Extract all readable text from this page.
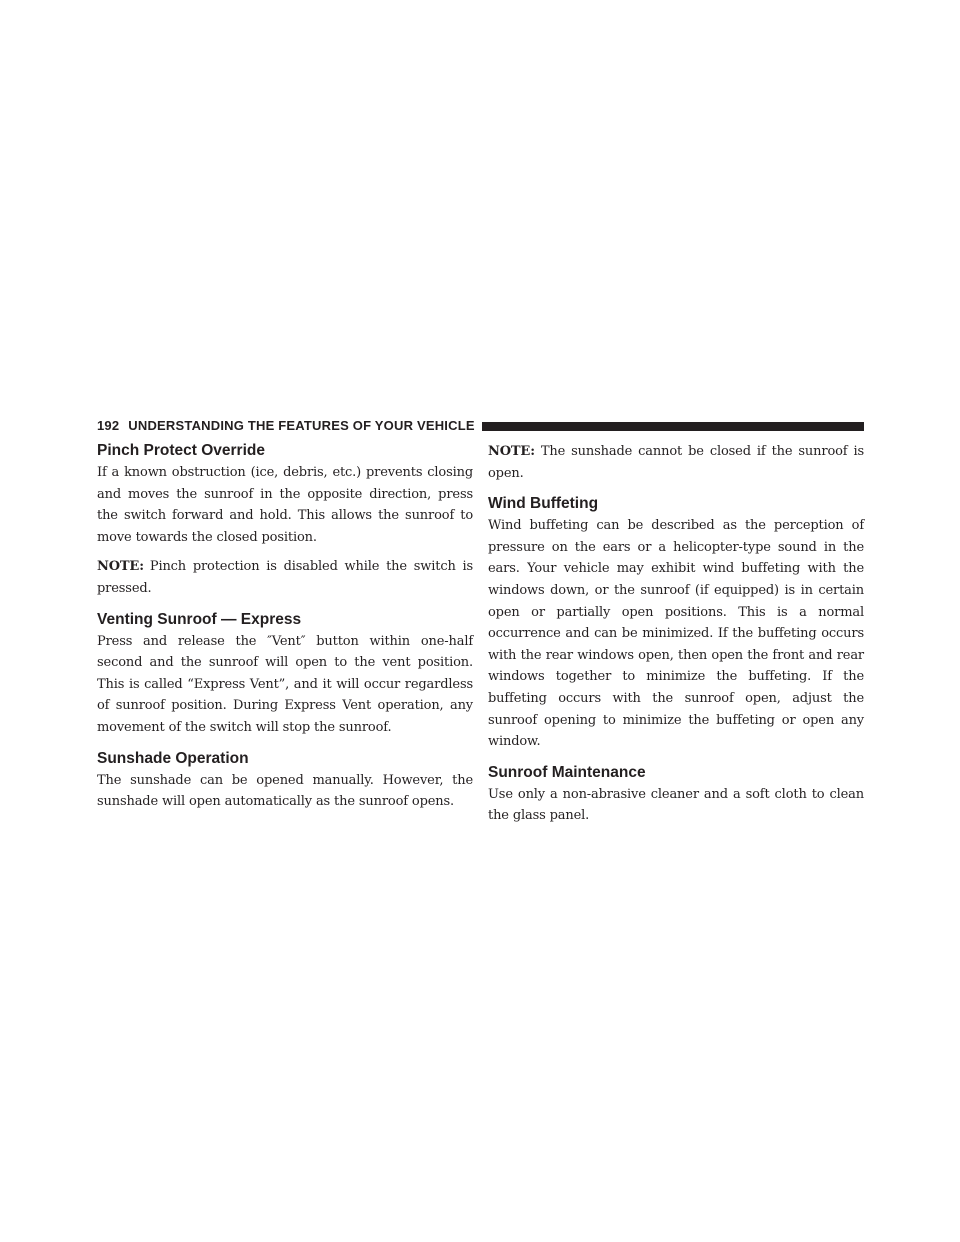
192 UNDERSTANDING THE FEATURES OF YOUR VEHICLE
Pinch Protect Override

If a known obstruction (ice, debris, etc.) prevents closing and moves the sunroof in the opposite direction, press the switch forward and hold. This allows the sunroof to move towards the closed position.

NOTE: Pinch protection is disabled while the switch is pressed.

Venting Sunroof — Express

Press and release the ″Vent″ button within one-half second and the sunroof will open to the vent position. This is called “Express Vent”, and it will occur regardless of sunroof position. During Express Vent operation, any movement of the switch will stop the sunroof.

Sunshade Operation

The sunshade can be opened manually. However, the sunshade will open automatically as the sunroof opens.

NOTE: The sunshade cannot be closed if the sunroof is open.

Wind Buffeting

Wind buffeting can be described as the perception of pressure on the ears or a helicopter-type sound in the ears. Your vehicle may exhibit wind buffeting with the windows down, or the sunroof (if equipped) is in certain open or partially open positions. This is a normal occurrence and can be minimized. If the buffeting occurs with the rear windows open, then open the front and rear windows together to minimize the buffeting. If the buffeting occurs with the sunroof open, adjust the sunroof opening to minimize the buffeting or open any window.

Sunroof Maintenance

Use only a non-abrasive cleaner and a soft cloth to clean the glass panel.
